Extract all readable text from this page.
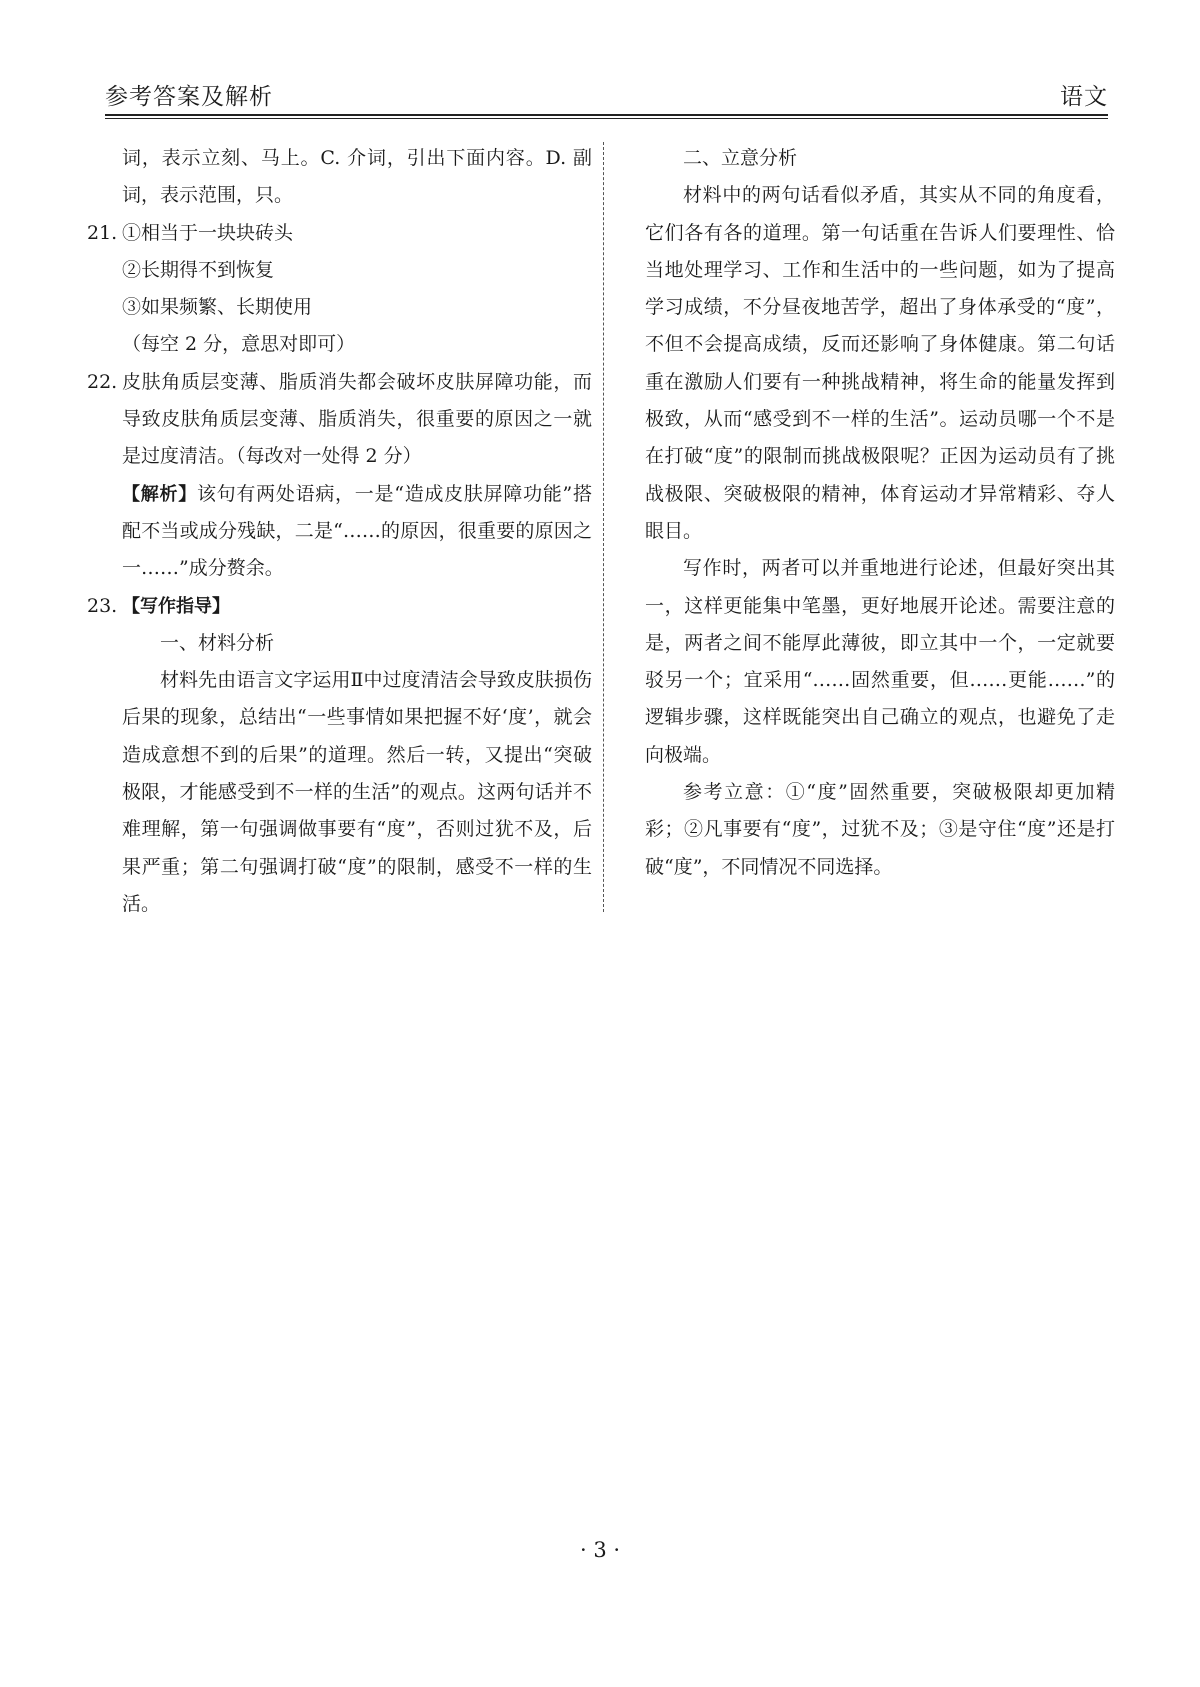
参考答案及解析	语文

词，表示立刻、马上。C. 介词，引出下面内容。D. 副词，表示范围，只。

21. ①相当于一块块砖头

②长期得不到恢复

③如果频繁、长期使用

（每空 2 分，意思对即可）

22. 皮肤角质层变薄、脂质消失都会破坏皮肤屏障功能，而导致皮肤角质层变薄、脂质消失，很重要的原因之一就是过度清洁。（每改对一处得 2 分）

【解析】该句有两处语病，一是“造成皮肤屏障功能”搭配不当或成分残缺，二是“……的原因，很重要的原因之一……”成分赘余。

23. 【写作指导】

一、材料分析

材料先由语言文字运用Ⅱ中过度清洁会导致皮肤损伤后果的现象，总结出“一些事情如果把握不好‘度’，就会造成意想不到的后果”的道理。然后一转，又提出“突破极限，才能感受到不一样的生活”的观点。这两句话并不难理解，第一句强调做事要有“度”，否则过犹不及，后果严重；第二句强调打破“度”的限制，感受不一样的生活。

二、立意分析

材料中的两句话看似矛盾，其实从不同的角度看，它们各有各的道理。第一句话重在告诉人们要理性、恰当地处理学习、工作和生活中的一些问题，如为了提高学习成绩，不分昼夜地苦学，超出了身体承受的“度”，不但不会提高成绩，反而还影响了身体健康。第二句话重在激励人们要有一种挑战精神，将生命的能量发挥到极致，从而“感受到不一样的生活”。运动员哪一个不是在打破“度”的限制而挑战极限呢？正因为运动员有了挑战极限、突破极限的精神，体育运动才异常精彩、夺人眼目。

写作时，两者可以并重地进行论述，但最好突出其一，这样更能集中笔墨，更好地展开论述。需要注意的是，两者之间不能厚此薄彼，即立其中一个，一定就要驳另一个；宜采用“……固然重要，但……更能……”的逻辑步骤，这样既能突出自己确立的观点，也避免了走向极端。

参考立意：①“度”固然重要，突破极限却更加精彩；②凡事要有“度”，过犹不及；③是守住“度”还是打破“度”，不同情况不同选择。

· 3 ·
